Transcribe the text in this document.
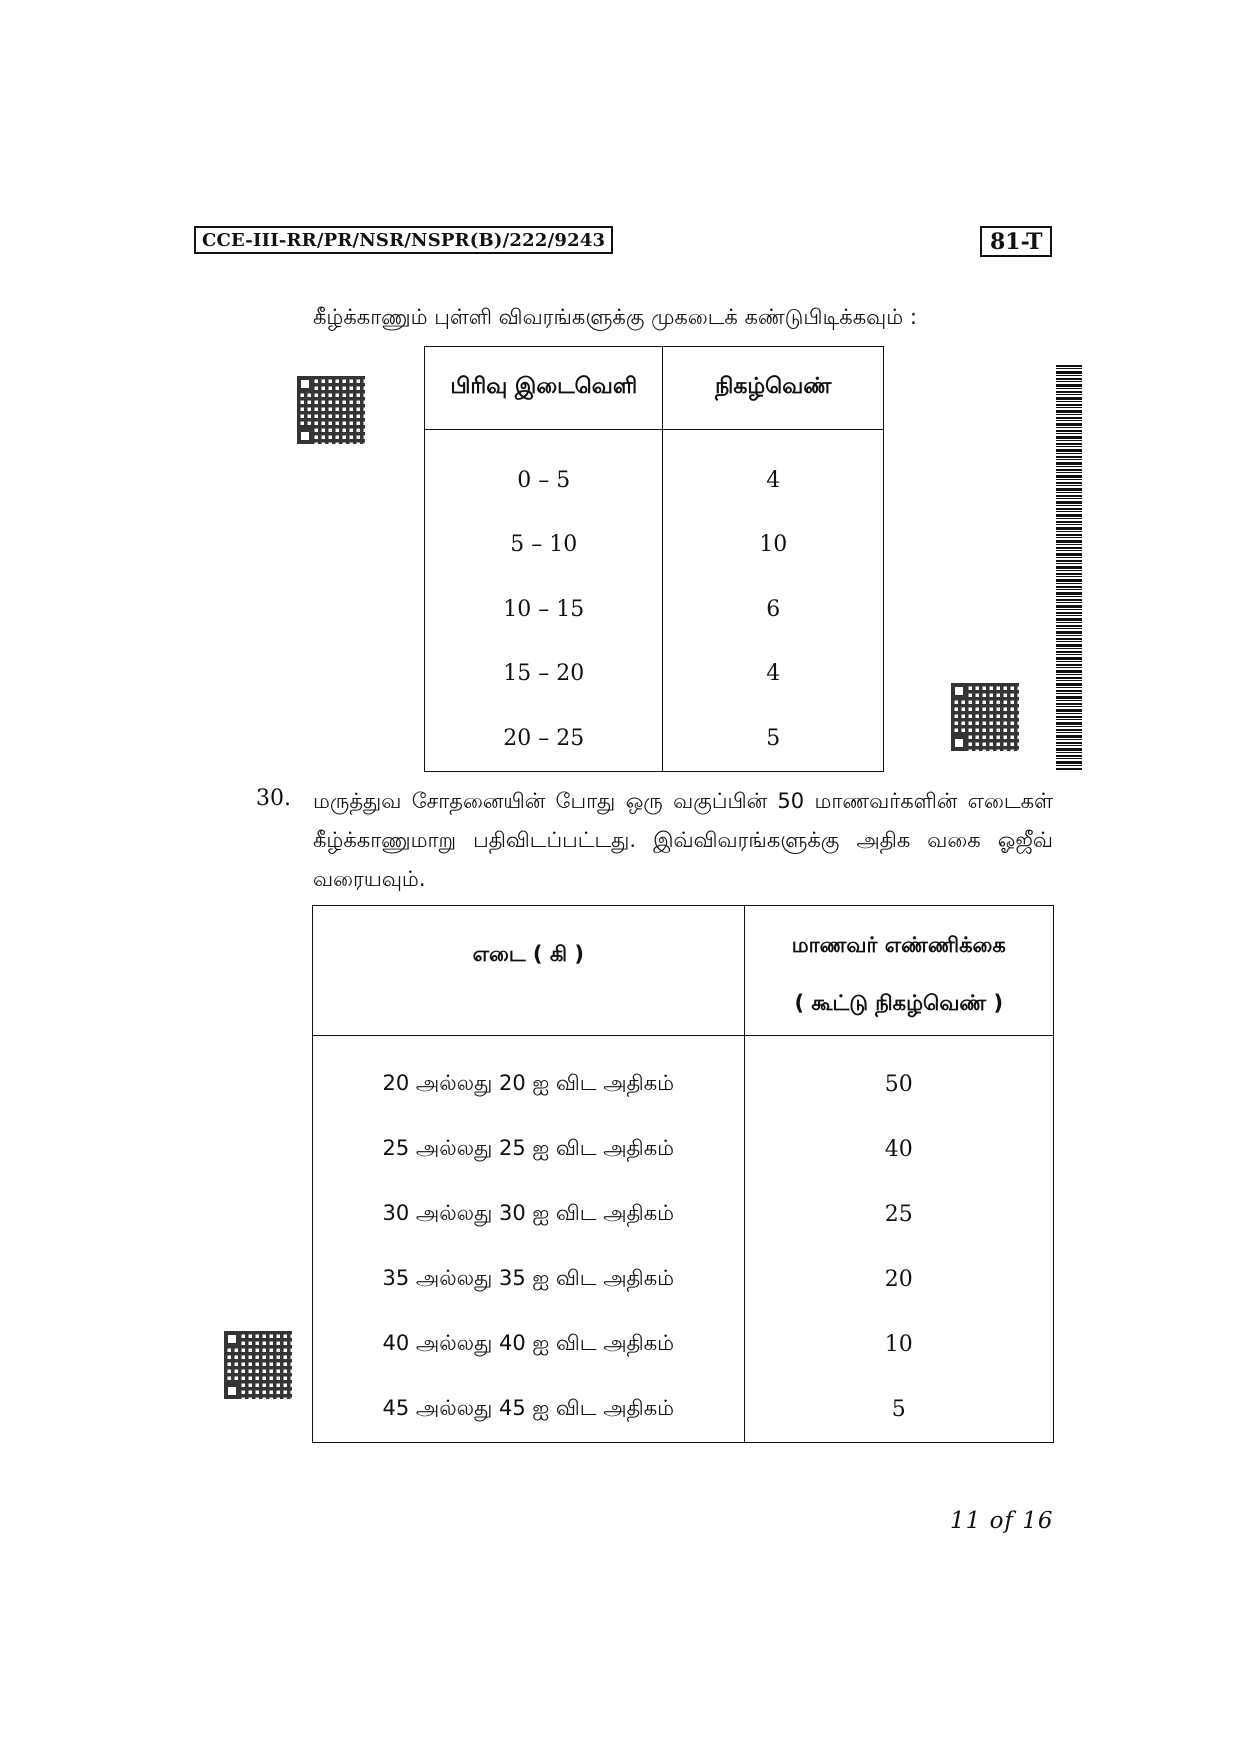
CCE-III-RR/PR/NSR/NSPR(B)/222/9243	81-T
கீழ்க்காணும் புள்ளி விவரங்களுக்கு முகடைக் கண்டுபிடிக்கவும் :
பிரிவு இடைவெளி	நிகழ்வெண்
0 – 5	4
5 – 10	10
10 – 15	6
15 – 20	4
20 – 25	5
30. மருத்துவ சோதனையின் போது ஒரு வகுப்பின் 50 மாணவர்களின் எடைகள் கீழ்க்காணுமாறு பதிவிடப்பட்டது. இவ்விவரங்களுக்கு அதிக வகை ஓஜீவ் வரையவும்.
எடை ( கி )	மாணவர் எண்ணிக்கை
( கூட்டு நிகழ்வெண் )

20 அல்லது 20 ஐ விட அதிகம்	50
25 அல்லது 25 ஐ விட அதிகம்	40
30 அல்லது 30 ஐ விட அதிகம்	25
35 அல்லது 35 ஐ விட அதிகம்	20
40 அல்லது 40 ஐ விட அதிகம்	10
45 அல்லது 45 ஐ விட அதிகம்	5
11 of 16
